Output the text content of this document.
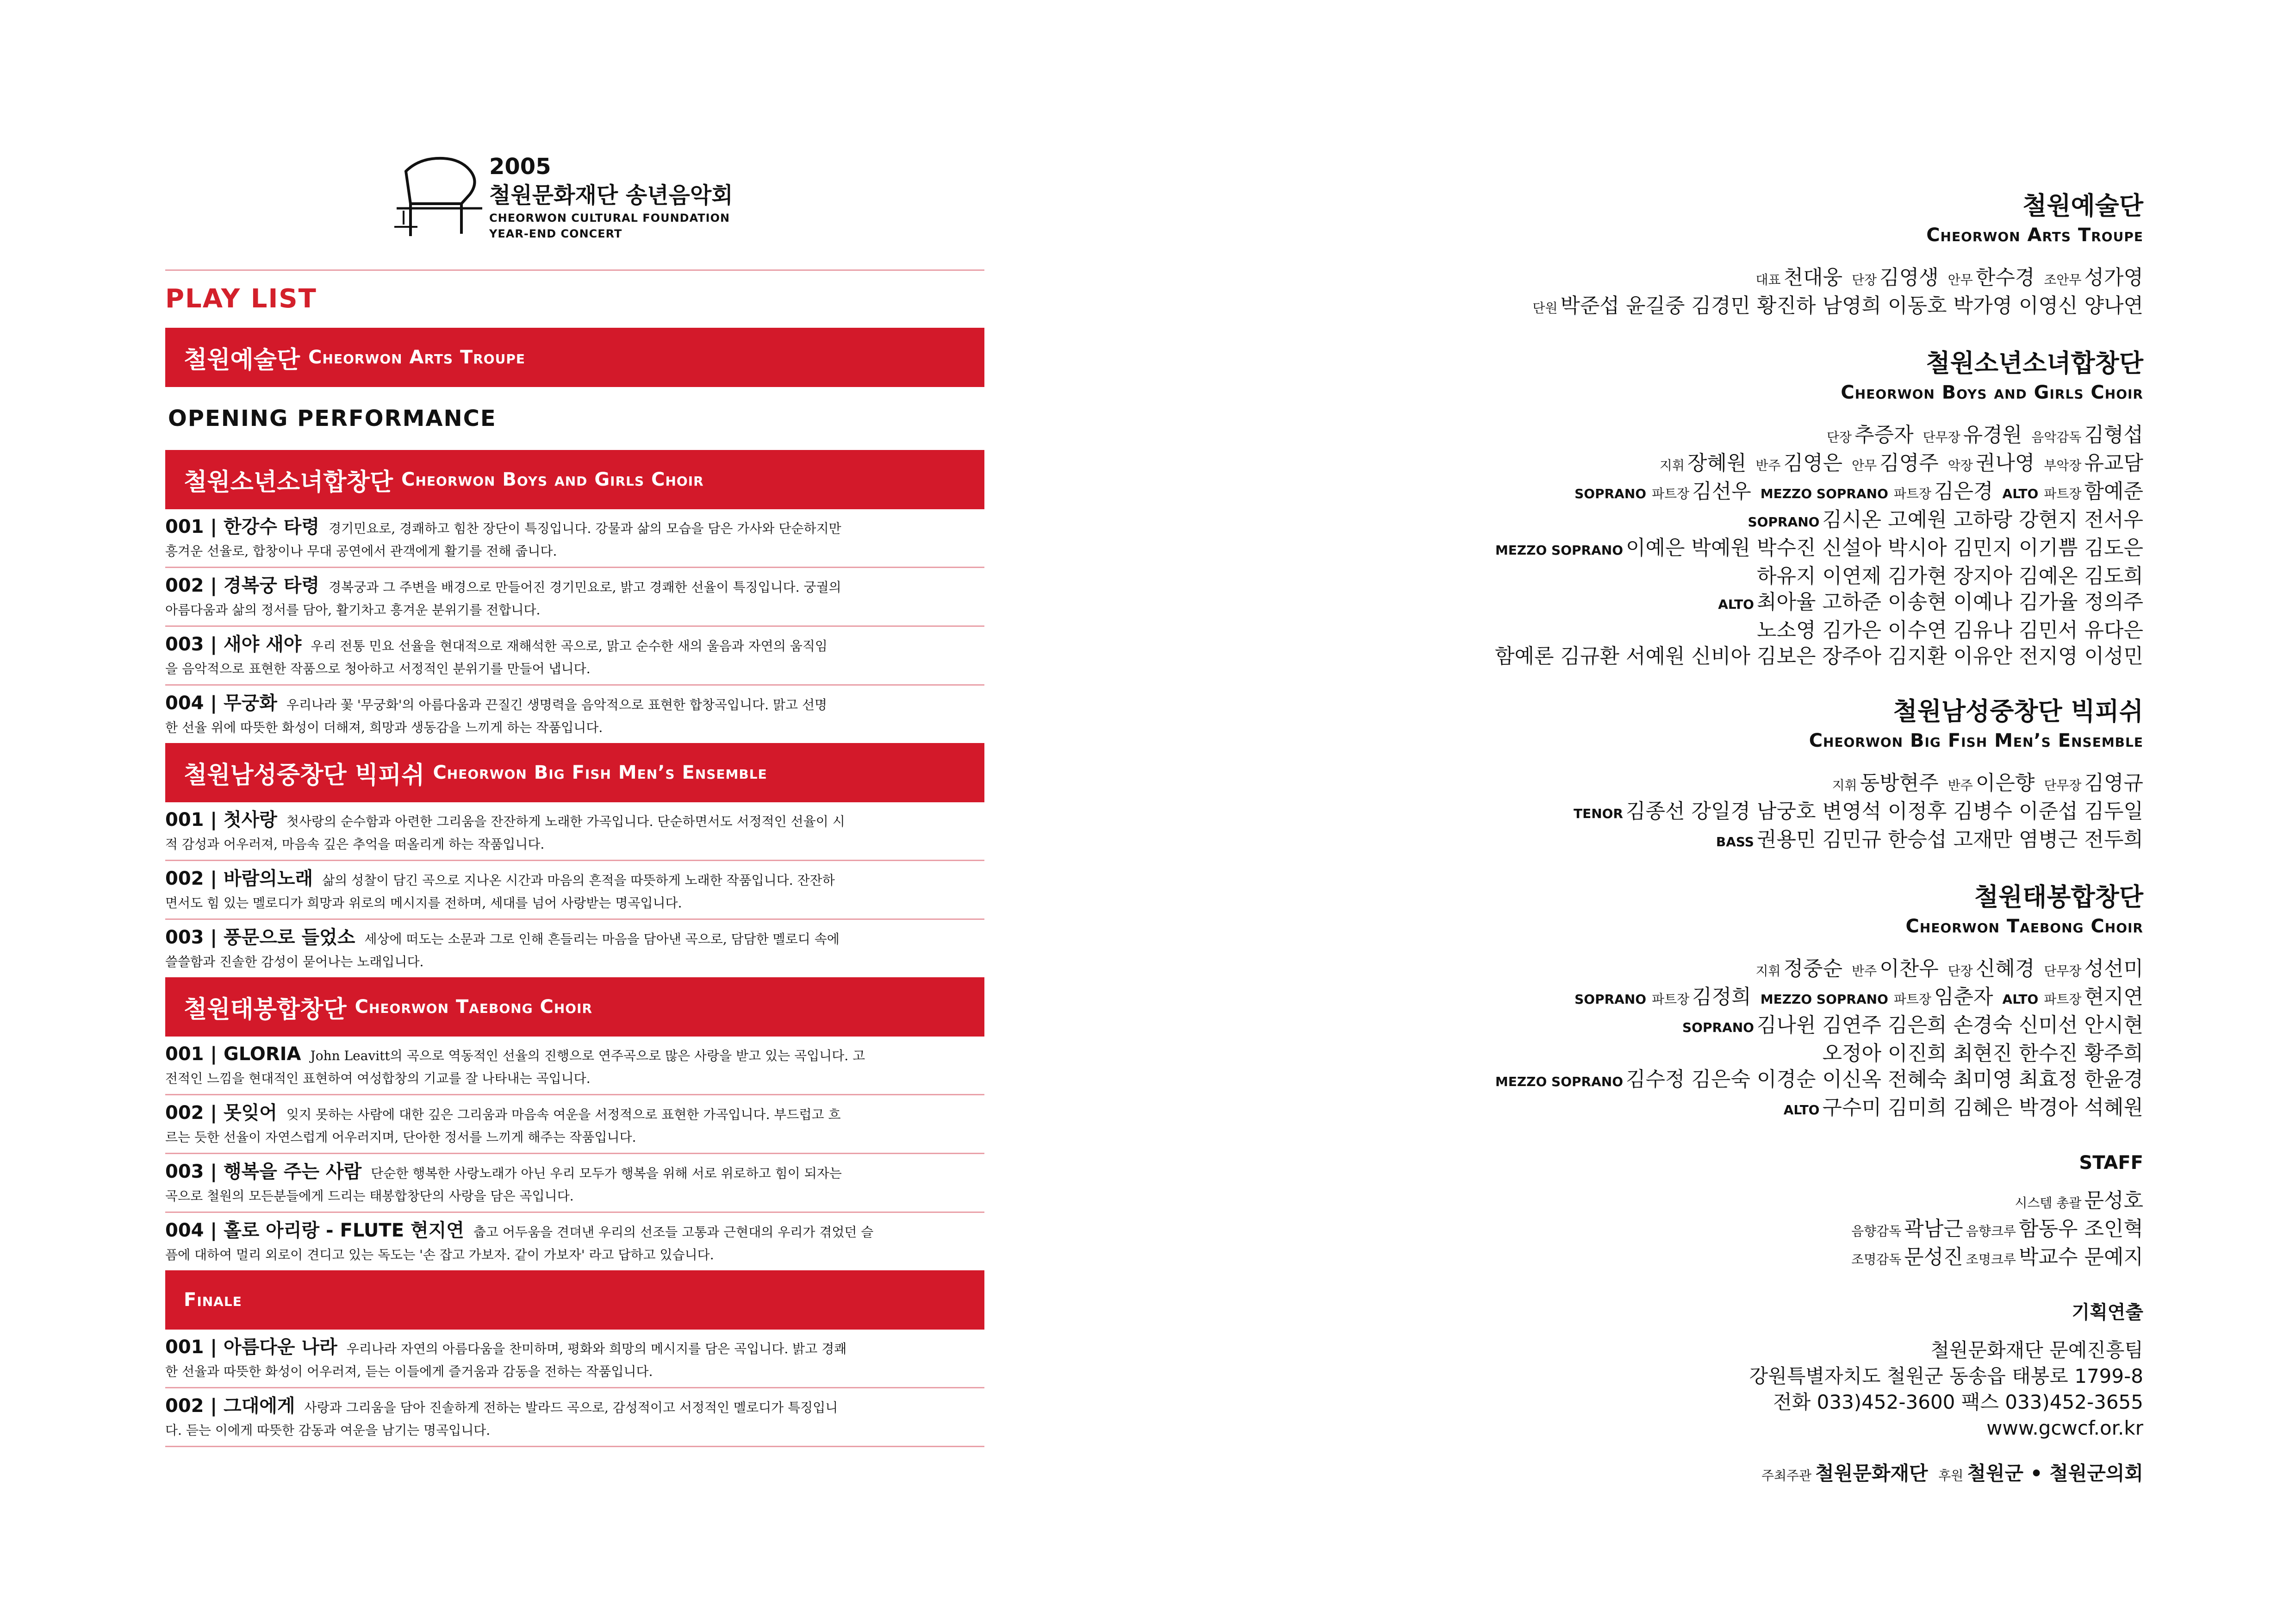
2005
철원문화재단 송년음악회
CHEORWON CULTURAL FOUNDATION
YEAR-END CONCERT
PLAY LIST
철원예술단 Cheorwon Arts Troupe
OPENING PERFORMANCE
철원소년소녀합창단 Cheorwon Boys and Girls Choir
001 | 한강수 타령 경기민요로, 경쾌하고 힘찬 장단이 특징입니다. 강물과 삶의 모습을 담은 가사와 단순하지만
흥겨운 선율로, 합창이나 무대 공연에서 관객에게 활기를 전해 줍니다.
002 | 경복궁 타령 경복궁과 그 주변을 배경으로 만들어진 경기민요로, 밝고 경쾌한 선율이 특징입니다. 궁궐의
아름다움과 삶의 정서를 담아, 활기차고 흥겨운 분위기를 전합니다.
003 | 새야 새야 우리 전통 민요 선율을 현대적으로 재해석한 곡으로, 맑고 순수한 새의 울음과 자연의 움직임
을 음악적으로 표현한 작품으로 청아하고 서정적인 분위기를 만들어 냅니다.
004 | 무궁화 우리나라 꽃 '무궁화'의 아름다움과 끈질긴 생명력을 음악적으로 표현한 합창곡입니다. 맑고 선명
한 선율 위에 따뜻한 화성이 더해져, 희망과 생동감을 느끼게 하는 작품입니다.
철원남성중창단 빅피쉬 Cheorwon Big Fish Men’s Ensemble
001 | 첫사랑 첫사랑의 순수함과 아련한 그리움을 잔잔하게 노래한 가곡입니다. 단순하면서도 서정적인 선율이 시
적 감성과 어우러져, 마음속 깊은 추억을 떠올리게 하는 작품입니다.
002 | 바람의노래 삶의 성찰이 담긴 곡으로 지나온 시간과 마음의 흔적을 따뜻하게 노래한 작품입니다. 잔잔하
면서도 힘 있는 멜로디가 희망과 위로의 메시지를 전하며, 세대를 넘어 사랑받는 명곡입니다.
003 | 풍문으로 들었소 세상에 떠도는 소문과 그로 인해 흔들리는 마음을 담아낸 곡으로, 담담한 멜로디 속에
쓸쓸함과 진솔한 감성이 묻어나는 노래입니다.
철원태봉합창단 Cheorwon Taebong Choir
001 | GLORIA John Leavitt의 곡으로 역동적인 선율의 진행으로 연주곡으로 많은 사랑을 받고 있는 곡입니다. 고
전적인 느낌을 현대적인 표현하여 여성합창의 기교를 잘 나타내는 곡입니다.
002 | 못잊어 잊지 못하는 사람에 대한 깊은 그리움과 마음속 여운을 서정적으로 표현한 가곡입니다. 부드럽고 흐
르는 듯한 선율이 자연스럽게 어우러지며, 단아한 정서를 느끼게 해주는 작품입니다.
003 | 행복을 주는 사람 단순한 행복한 사랑노래가 아닌 우리 모두가 행복을 위해 서로 위로하고 힘이 되자는
곡으로 철원의 모든분들에게 드리는 태봉합창단의 사랑을 담은 곡입니다.
004 | 홀로 아리랑 - FLUTE 현지연 춥고 어두움을 견뎌낸 우리의 선조들 고통과 근현대의 우리가 겪었던 슬
픔에 대하여 멀리 외로이 견디고 있는 독도는 '손 잡고 가보자. 같이 가보자' 라고 답하고 있습니다.
Finale
001 | 아름다운 나라 우리나라 자연의 아름다움을 찬미하며, 평화와 희망의 메시지를 담은 곡입니다. 밝고 경쾌
한 선율과 따뜻한 화성이 어우러져, 듣는 이들에게 즐거움과 감동을 전하는 작품입니다.
002 | 그대에게 사랑과 그리움을 담아 진솔하게 전하는 발라드 곡으로, 감성적이고 서정적인 멜로디가 특징입니
다. 듣는 이에게 따뜻한 감동과 여운을 남기는 명곡입니다.
철원예술단
Cheorwon Arts Troupe
대표 천대웅 단장 김영생 안무 한수경 조안무 성가영
단원 박준섭 윤길중 김경민 황진하 남영희 이동호 박가영 이영신 양나연
철원소년소녀합창단
Cheorwon Boys and Girls Choir
단장 추증자 단무장 유경원 음악감독 김형섭
지휘 장혜원 반주 김영은 안무 김영주 악장 권나영 부악장 유교담
SOPRANO 파트장 김선우 MEZZO SOPRANO 파트장 김은경 ALTO 파트장 함예준
SOPRANO 김시온 고예원 고하랑 강현지 전서우
MEZZO SOPRANO 이예은 박예원 박수진 신설아 박시아 김민지 이기쁨 김도은
하유지 이연제 김가현 장지아 김예온 김도희
ALTO 최아율 고하준 이송현 이예나 김가율 정의주
노소영 김가은 이수연 김유나 김민서 유다은
함예론 김규환 서예원 신비아 김보은 장주아 김지환 이유안 전지영 이성민
철원남성중창단 빅피쉬
Cheorwon Big Fish Men’s Ensemble
지휘 동방현주 반주 이은향 단무장 김영규
TENOR 김종선 강일경 남궁호 변영석 이정후 김병수 이준섭 김두일
BASS 권용민 김민규 한승섭 고재만 염병근 전두희
철원태봉합창단
Cheorwon Taebong Choir
지휘 정중순 반주 이찬우 단장 신혜경 단무장 성선미
SOPRANO 파트장 김정희 MEZZO SOPRANO 파트장 임춘자 ALTO 파트장 현지연
SOPRANO 김나윈 김연주 김은희 손경숙 신미선 안시현
오정아 이진희 최현진 한수진 황주희
MEZZO SOPRANO 김수정 김은숙 이경순 이신옥 전혜숙 최미영 최효정 한윤경
ALTO 구수미 김미희 김혜은 박경아 석혜원
STAFF
시스템 총괄 문성호
음향감독 곽남근 음향크루 함동우 조인혁
조명감독 문성진 조명크루 박교수 문예지
기획연출
철원문화재단 문예진흥팀
강원특별자치도 철원군 동송읍 태봉로 1799-8
전화 033)452-3600 팩스 033)452-3655
www.gcwcf.or.kr
주최주관 철원문화재단 후원 철원군 • 철원군의회
